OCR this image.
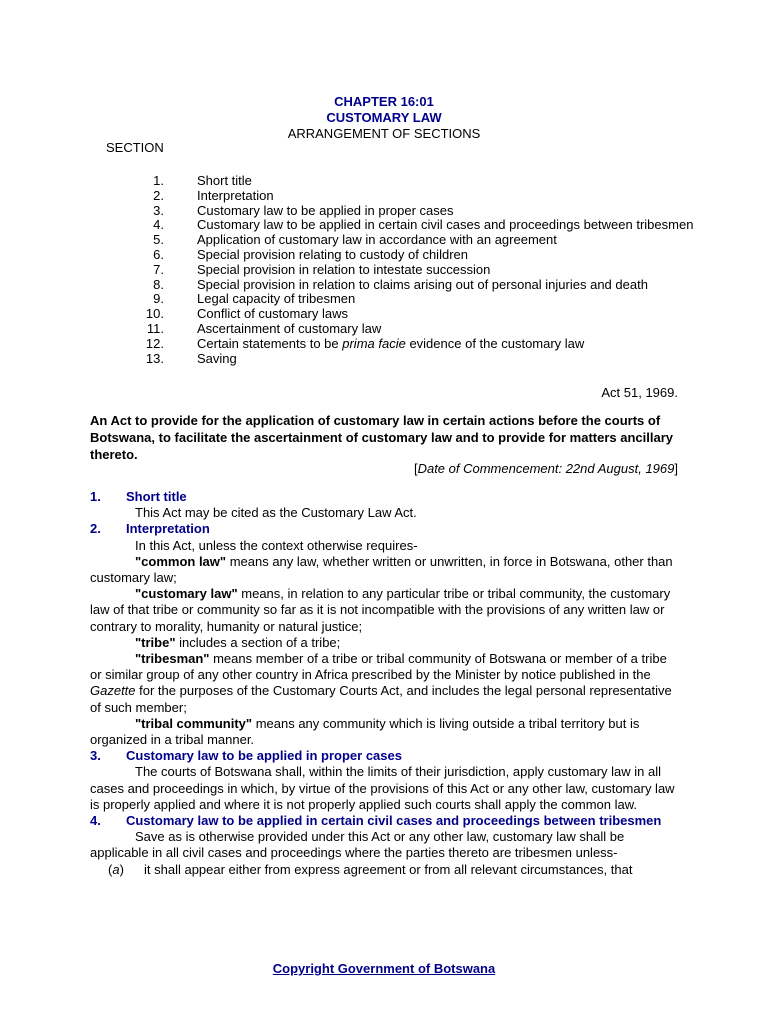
CHAPTER 16:01
CUSTOMARY LAW
ARRANGEMENT OF SECTIONS
SECTION
1.	Short title
2.	Interpretation
3.	Customary law to be applied in proper cases
4.	Customary law to be applied in certain civil cases and proceedings between tribesmen
5.	Application of customary law in accordance with an agreement
6.	Special provision relating to custody of children
7.	Special provision in relation to intestate succession
8.	Special provision in relation to claims arising out of personal injuries and death
9.	Legal capacity of tribesmen
10.	Conflict of customary laws
11.	Ascertainment of customary law
12.	Certain statements to be prima facie evidence of the customary law
13.	Saving
Act 51, 1969.
An Act to provide for the application of customary law in certain actions before the courts of Botswana, to facilitate the ascertainment of customary law and to provide for matters ancillary thereto.
[Date of Commencement: 22nd August, 1969]
1. Short title

This Act may be cited as the Customary Law Act.

2. Interpretation

In this Act, unless the context otherwise requires-

"common law" means any law, whether written or unwritten, in force in Botswana, other than customary law;

"customary law" means, in relation to any particular tribe or tribal community, the customary law of that tribe or community so far as it is not incompatible with the provisions of any written law or contrary to morality, humanity or natural justice;

"tribe" includes a section of a tribe;

"tribesman" means member of a tribe or tribal community of Botswana or member of a tribe or similar group of any other country in Africa prescribed by the Minister by notice published in the Gazette for the purposes of the Customary Courts Act, and includes the legal personal representative of such member;

"tribal community" means any community which is living outside a tribal territory but is organized in a tribal manner.

3. Customary law to be applied in proper cases

The courts of Botswana shall, within the limits of their jurisdiction, apply customary law in all cases and proceedings in which, by virtue of the provisions of this Act or any other law, customary law is properly applied and where it is not properly applied such courts shall apply the common law.

4. Customary law to be applied in certain civil cases and proceedings between tribesmen

Save as is otherwise provided under this Act or any other law, customary law shall be applicable in all civil cases and proceedings where the parties thereto are tribesmen unless-

(a)	it shall appear either from express agreement or from all relevant circumstances, that
Copyright Government of Botswana
